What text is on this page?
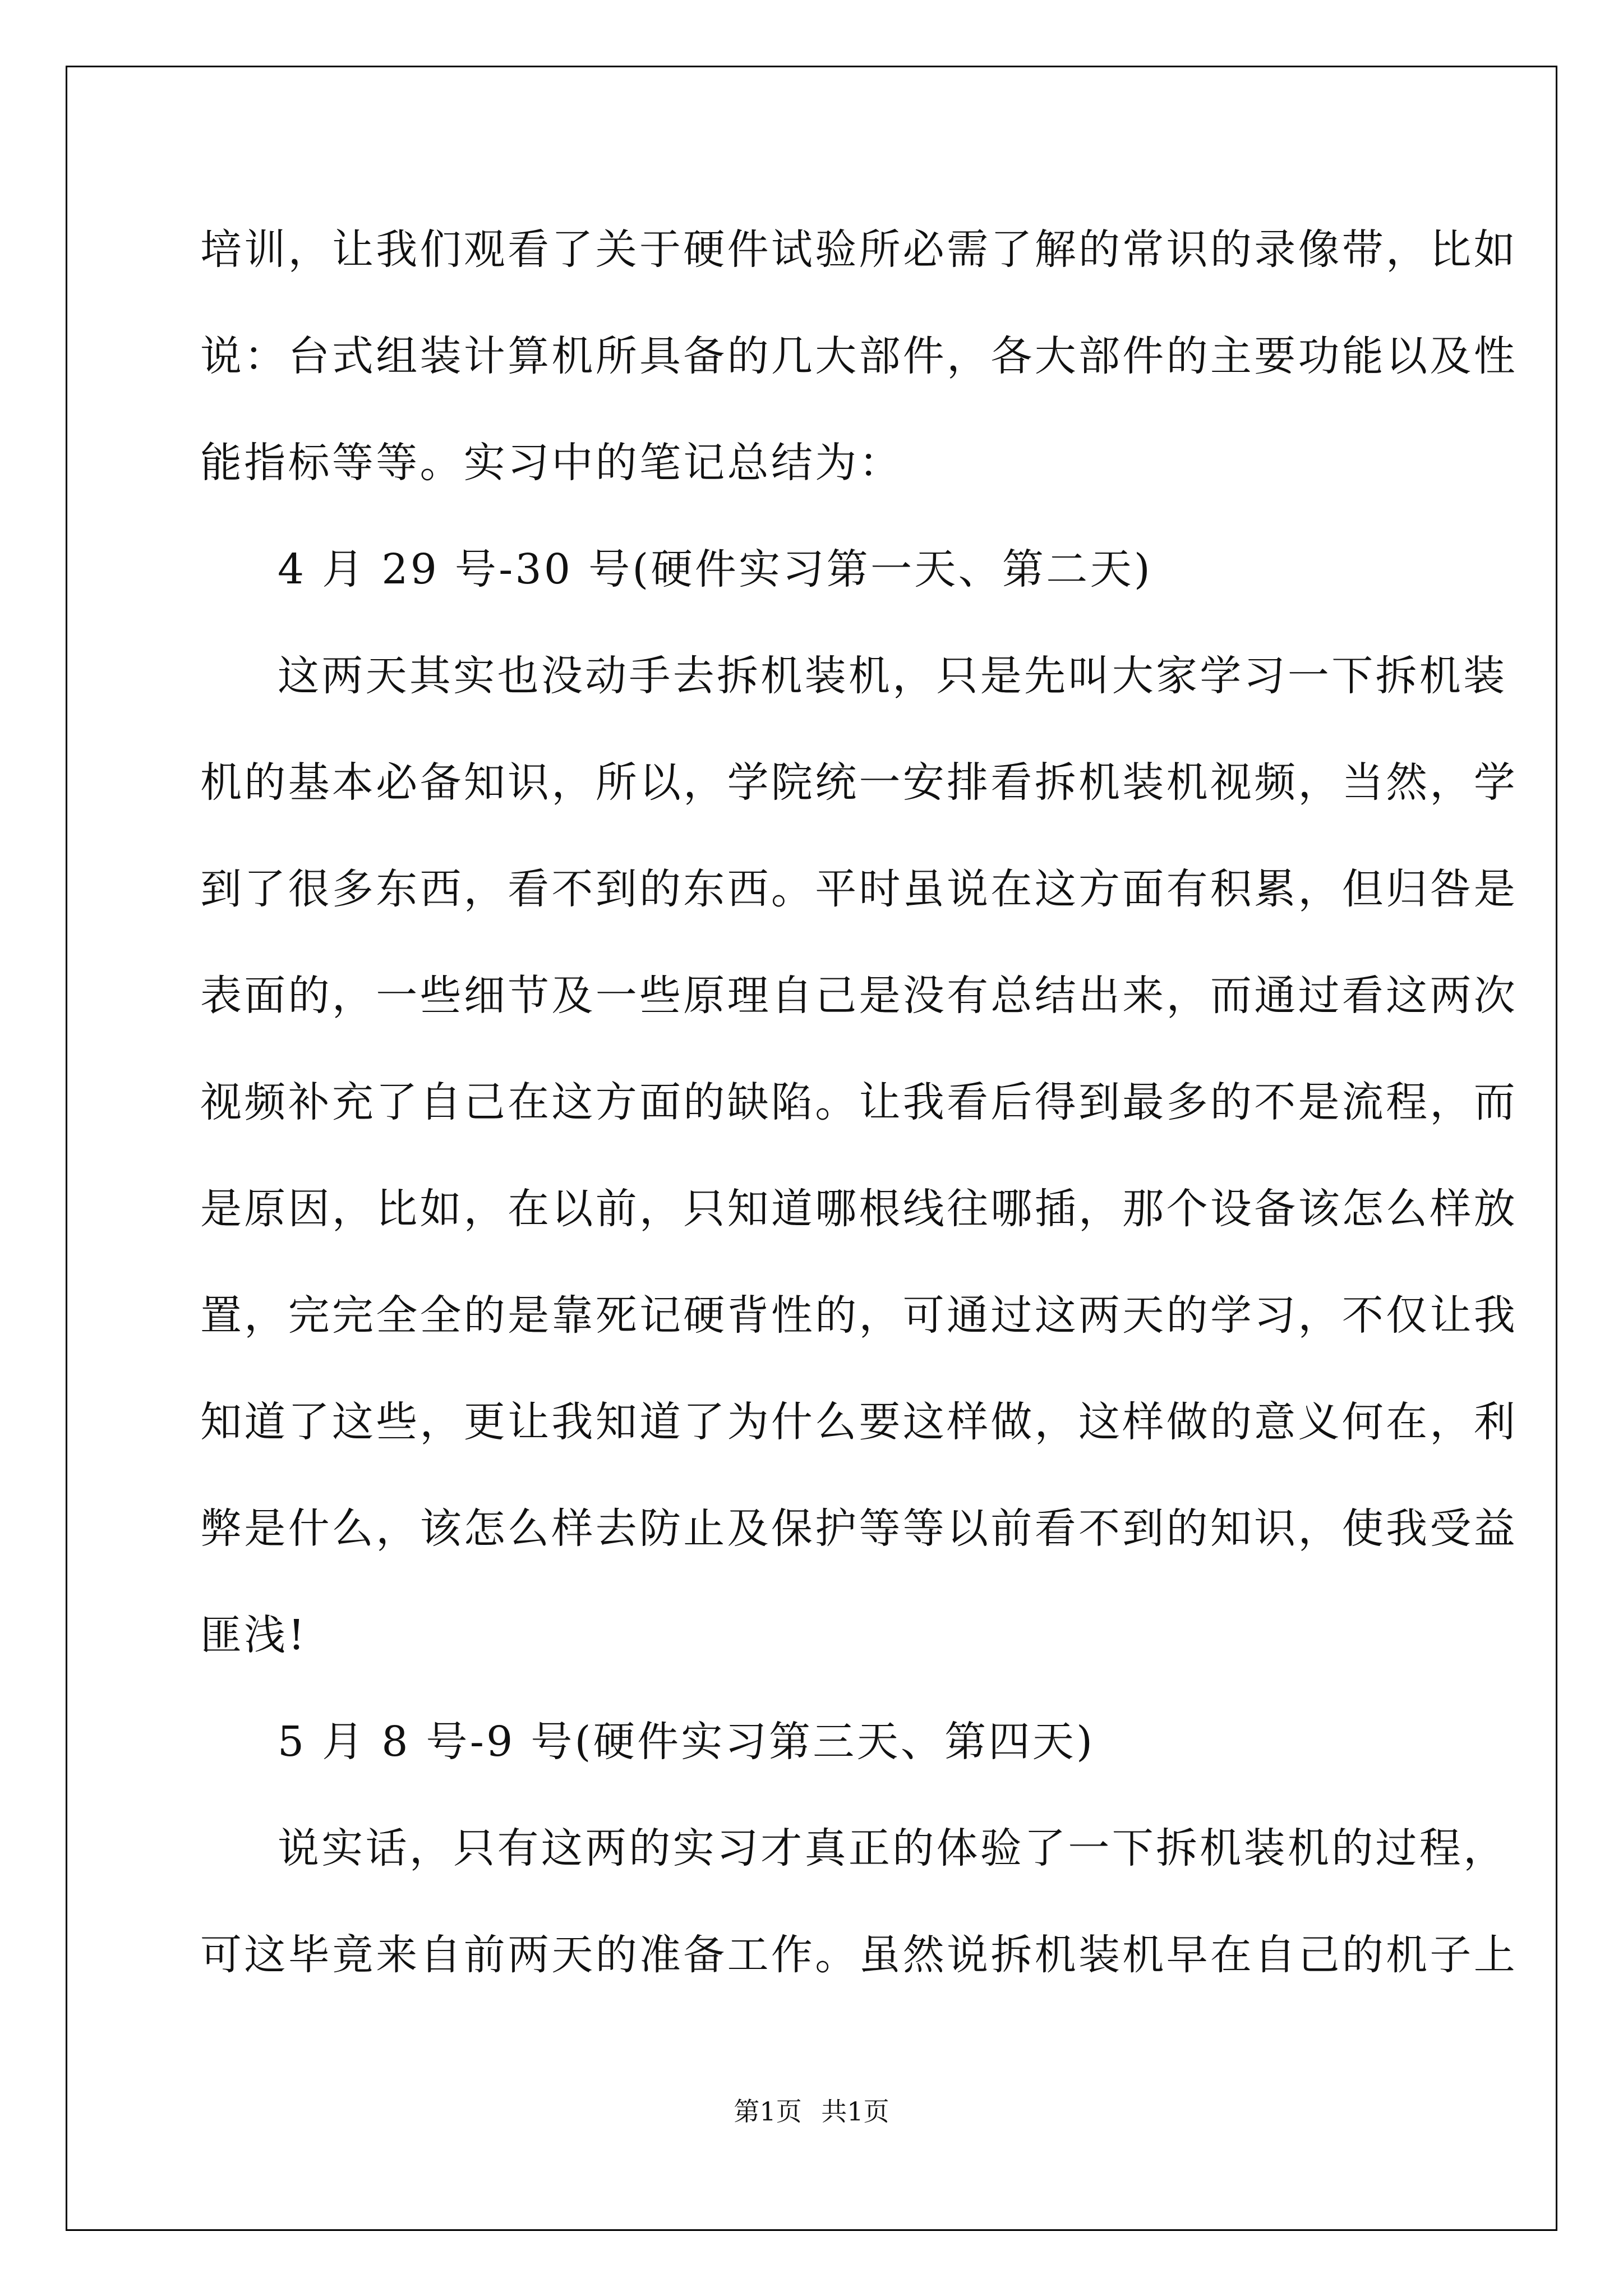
培训，让我们观看了关于硬件试验所必需了解的常识的录像带，比如
说：台式组装计算机所具备的几大部件，各大部件的主要功能以及性
能指标等等。实习中的笔记总结为：
4 月 29 号-30 号(硬件实习第一天、第二天)
这两天其实也没动手去拆机装机，只是先叫大家学习一下拆机装
机的基本必备知识，所以，学院统一安排看拆机装机视频，当然，学
到了很多东西，看不到的东西。平时虽说在这方面有积累，但归咎是
表面的，一些细节及一些原理自己是没有总结出来，而通过看这两次
视频补充了自己在这方面的缺陷。让我看后得到最多的不是流程，而
是原因，比如，在以前，只知道哪根线往哪插，那个设备该怎么样放
置，完完全全的是靠死记硬背性的，可通过这两天的学习，不仅让我
知道了这些，更让我知道了为什么要这样做，这样做的意义何在，利
弊是什么，该怎么样去防止及保护等等以前看不到的知识，使我受益
匪浅!
5 月 8 号-9 号(硬件实习第三天、第四天)
说实话，只有这两的实习才真正的体验了一下拆机装机的过程，
可这毕竟来自前两天的准备工作。虽然说拆机装机早在自己的机子上
第1页 共1页
